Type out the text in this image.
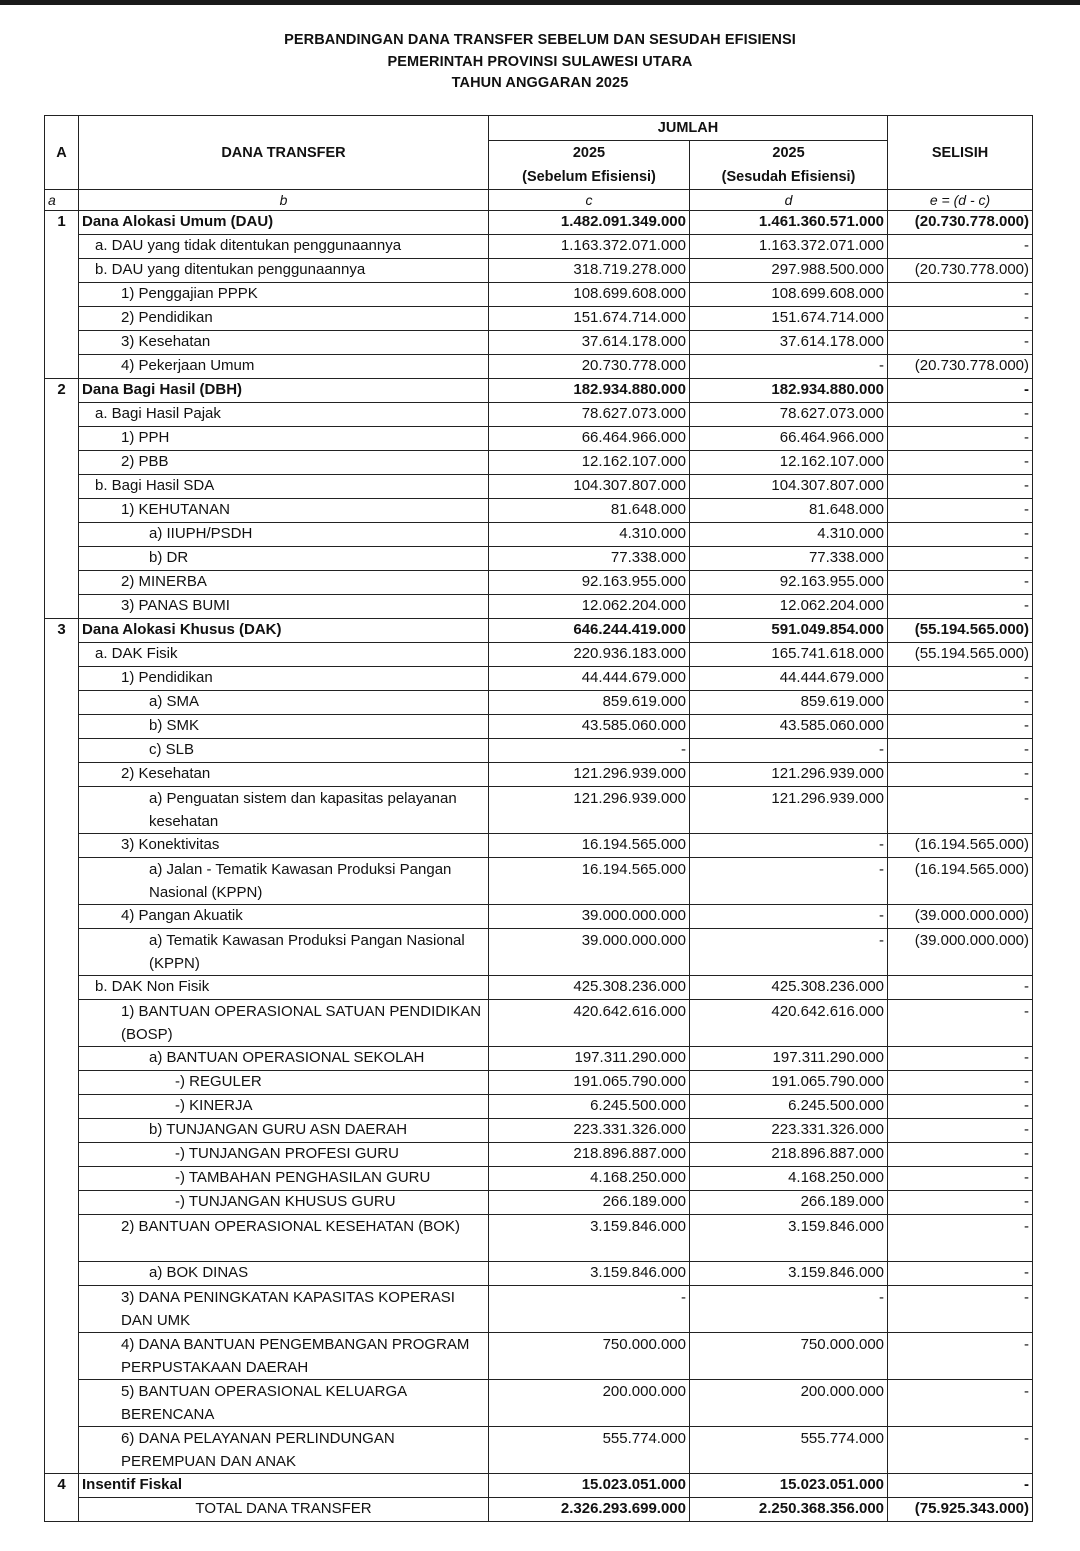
PERBANDINGAN DANA TRANSFER SEBELUM DAN SESUDAH EFISIENSI
PEMERINTAH PROVINSI SULAWESI UTARA
TAHUN ANGGARAN 2025
A	DANA TRANSFER	JUMLAH		SELISIH
		2025	2025	
		(Sebelum Efisiensi)	(Sesudah Efisiensi)	
a	b	c	d	e = (d - c)
1	Dana Alokasi Umum (DAU)	1.482.091.349.000	1.461.360.571.000	(20.730.778.000)
	a. DAU yang tidak ditentukan penggunaannya	1.163.372.071.000	1.163.372.071.000	-
	b. DAU yang ditentukan penggunaannya	318.719.278.000	297.988.500.000	(20.730.778.000)
	1) Penggajian PPPK	108.699.608.000	108.699.608.000	-
	2) Pendidikan	151.674.714.000	151.674.714.000	-
	3) Kesehatan	37.614.178.000	37.614.178.000	-
	4) Pekerjaan Umum	20.730.778.000	-	(20.730.778.000)
2	Dana Bagi Hasil (DBH)	182.934.880.000	182.934.880.000	-
	a. Bagi Hasil Pajak	78.627.073.000	78.627.073.000	-
	1) PPH	66.464.966.000	66.464.966.000	-
	2) PBB	12.162.107.000	12.162.107.000	-
	b. Bagi Hasil SDA	104.307.807.000	104.307.807.000	-
	1) KEHUTANAN	81.648.000	81.648.000	-
	a) IIUPH/PSDH	4.310.000	4.310.000	-
	b) DR	77.338.000	77.338.000	-
	2) MINERBA	92.163.955.000	92.163.955.000	-
	3) PANAS BUMI	12.062.204.000	12.062.204.000	-
3	Dana Alokasi Khusus (DAK)	646.244.419.000	591.049.854.000	(55.194.565.000)
	a. DAK Fisik	220.936.183.000	165.741.618.000	(55.194.565.000)
	1) Pendidikan	44.444.679.000	44.444.679.000	-
	a) SMA	859.619.000	859.619.000	-
	b) SMK	43.585.060.000	43.585.060.000	-
	c) SLB	-	-	-
	2) Kesehatan	121.296.939.000	121.296.939.000	-
	a) Penguatan sistem dan kapasitas pelayanan kesehatan	121.296.939.000	121.296.939.000	-
	3) Konektivitas	16.194.565.000	-	(16.194.565.000)
	a) Jalan - Tematik Kawasan Produksi Pangan Nasional (KPPN)	16.194.565.000	-	(16.194.565.000)
	4) Pangan Akuatik	39.000.000.000	-	(39.000.000.000)
	a) Tematik Kawasan Produksi Pangan Nasional (KPPN)	39.000.000.000	-	(39.000.000.000)
	b. DAK Non Fisik	425.308.236.000	425.308.236.000	-
	1) BANTUAN OPERASIONAL SATUAN PENDIDIKAN (BOSP)	420.642.616.000	420.642.616.000	-
	a) BANTUAN OPERASIONAL SEKOLAH	197.311.290.000	197.311.290.000	-
	-) REGULER	191.065.790.000	191.065.790.000	-
	-) KINERJA	6.245.500.000	6.245.500.000	-
	b) TUNJANGAN GURU ASN DAERAH	223.331.326.000	223.331.326.000	-
	-) TUNJANGAN PROFESI GURU	218.896.887.000	218.896.887.000	-
	-) TAMBAHAN PENGHASILAN GURU	4.168.250.000	4.168.250.000	-
	-) TUNJANGAN KHUSUS GURU	266.189.000	266.189.000	-
	2) BANTUAN OPERASIONAL KESEHATAN (BOK)	3.159.846.000	3.159.846.000	-
	a) BOK DINAS	3.159.846.000	3.159.846.000	-
	3) DANA PENINGKATAN KAPASITAS KOPERASI DAN UMK	-	-	-
	4) DANA BANTUAN PENGEMBANGAN PROGRAM PERPUSTAKAAN DAERAH	750.000.000	750.000.000	-
	5) BANTUAN OPERASIONAL KELUARGA BERENCANA	200.000.000	200.000.000	-
	6) DANA PELAYANAN PERLINDUNGAN PEREMPUAN DAN ANAK	555.774.000	555.774.000	-
4	Insentif Fiskal	15.023.051.000	15.023.051.000	-
	TOTAL DANA TRANSFER	2.326.293.699.000	2.250.368.356.000	(75.925.343.000)
